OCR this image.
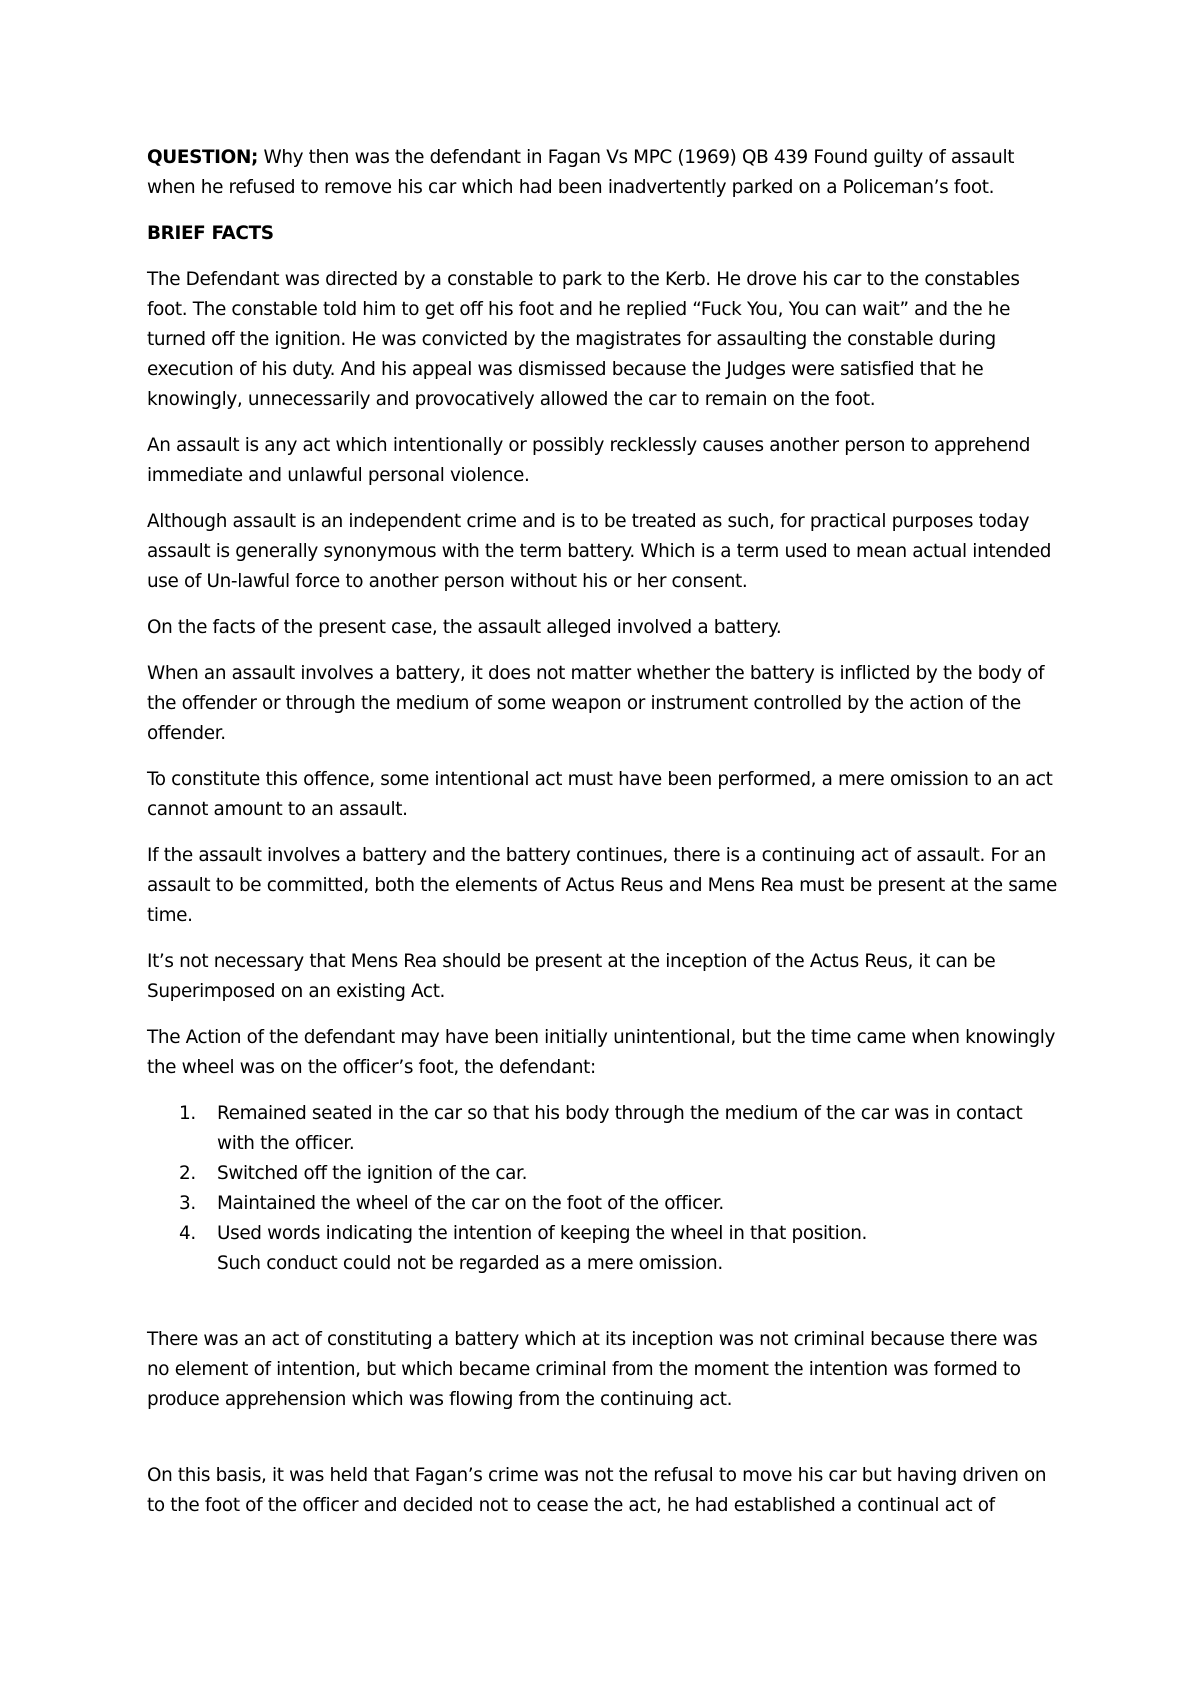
QUESTION; Why then was the defendant in Fagan Vs MPC (1969) QB 439 Found guilty of assault when he refused to remove his car which had been inadvertently parked on a Policeman’s foot.

BRIEF FACTS

The Defendant was directed by a constable to park to the Kerb. He drove his car to the constables foot. The constable told him to get off his foot and he replied “Fuck You, You can wait” and the he turned off the ignition. He was convicted by the magistrates for assaulting the constable during execution of his duty. And his appeal was dismissed because the Judges were satisfied that he knowingly, unnecessarily and provocatively allowed the car to remain on the foot.

An assault is any act which intentionally or possibly recklessly causes another person to apprehend immediate and unlawful personal violence.

Although assault is an independent crime and is to be treated as such, for practical purposes today assault is generally synonymous with the term battery. Which is a term used to mean actual intended use of Un-lawful force to another person without his or her consent.

On the facts of the present case, the assault alleged involved a battery.

When an assault involves a battery, it does not matter whether the battery is inflicted by the body of the offender or through the medium of some weapon or instrument controlled by the action of the offender.

To constitute this offence, some intentional act must have been performed, a mere omission to an act cannot amount to an assault.

If the assault involves a battery and the battery continues, there is a continuing act of assault. For an assault to be committed, both the elements of Actus Reus and Mens Rea must be present at the same time.

It’s not necessary that Mens Rea should be present at the inception of the Actus Reus, it can be Superimposed on an existing Act.

The Action of the defendant may have been initially unintentional, but the time came when knowingly the wheel was on the officer’s foot, the defendant:

1. Remained seated in the car so that his body through the medium of the car was in contact with the officer.
2. Switched off the ignition of the car.
3. Maintained the wheel of the car on the foot of the officer.
4. Used words indicating the intention of keeping the wheel in that position.

Such conduct could not be regarded as a mere omission.

There was an act of constituting a battery which at its inception was not criminal because there was no element of intention, but which became criminal from the moment the intention was formed to produce apprehension which was flowing from the continuing act.

On this basis, it was held that Fagan’s crime was not the refusal to move his car but having driven on to the foot of the officer and decided not to cease the act, he had established a continual act of
